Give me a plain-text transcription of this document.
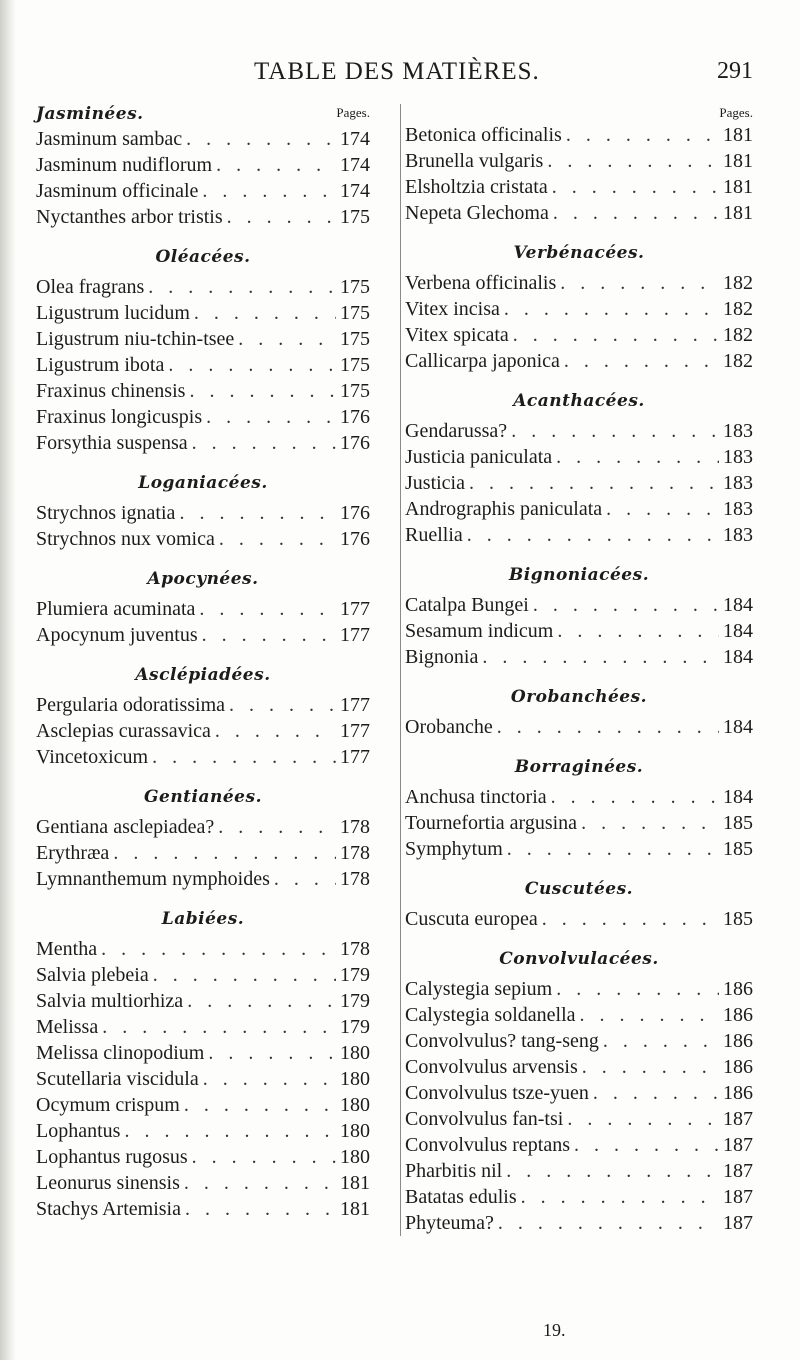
TABLE DES MATIÈRES.	291
Pages.
Jasminées.
Jasminum sambac . . .	174
Jasminum nudiflorum . . .	174
Jasminum officinale . . .	174
Nyctanthes arbor tristis . . .	175
Oléacées.
Olea fragrans . . .	175
Ligustrum lucidum . . .	175
Ligustrum niu-tchin-tsee . . .	175
Ligustrum ibota . . .	175
Fraxinus chinensis . . .	175
Fraxinus longicuspis . . .	176
Forsythia suspensa . . .	176
Loganiacées.
Strychnos ignatia . . .	176
Strychnos nux vomica . . .	176
Apocynées.
Plumiera acuminata . . .	177
Apocynum juventus . . .	177
Asclépiadées.
Pergularia odoratissima . . .	177
Asclepias curassavica . . .	177
Vincetoxicum . . .	177
Gentianées.
Gentiana asclepiadea? . . .	178
Erythræa . . .	178
Lymnanthemum nymphoides . . .	178
Labiées.
Mentha . . .	178
Salvia plebeia . . .	179
Salvia multiorhiza . . .	179
Melissa . . .	179
Melissa clinopodium . . .	180
Scutellaria viscidula . . .	180
Ocymum crispum . . .	180
Lophantus . . .	180
Lophantus rugosus . . .	180
Leonurus sinensis . . .	181
Stachys Artemisia . . .	181
Pages.
Betonica officinalis . . .	181
Brunella vulgaris . . .	181
Elsholtzia cristata . . .	181
Nepeta Glechoma . . .	181
Verbénacées.
Verbena officinalis . . .	182
Vitex incisa . . .	182
Vitex spicata . . .	182
Callicarpa japonica . . .	182
Acanthacées.
Gendarussa? . . .	183
Justicia paniculata . . .	183
Justicia . . .	183
Andrographis paniculata . . .	183
Ruellia . . .	183
Bignoniacées.
Catalpa Bungei . . .	184
Sesamum indicum . . .	184
Bignonia . . .	184
Orobanchées.
Orobanche . . .	184
Borraginées.
Anchusa tinctoria . . .	184
Tournefortia argusina . . .	185
Symphytum . . .	185
Cuscutées.
Cuscuta europea . . .	185
Convolvulacées.
Calystegia sepium . . .	186
Calystegia soldanella . . .	186
Convolvulus? tang-seng . . .	186
Convolvulus arvensis . . .	186
Convolvulus tsze-yuen . . .	186
Convolvulus fan-tsi . . .	187
Convolvulus reptans . . .	187
Pharbitis nil . . .	187
Batatas edulis . . .	187
Phyteuma? . . .	187
19.
